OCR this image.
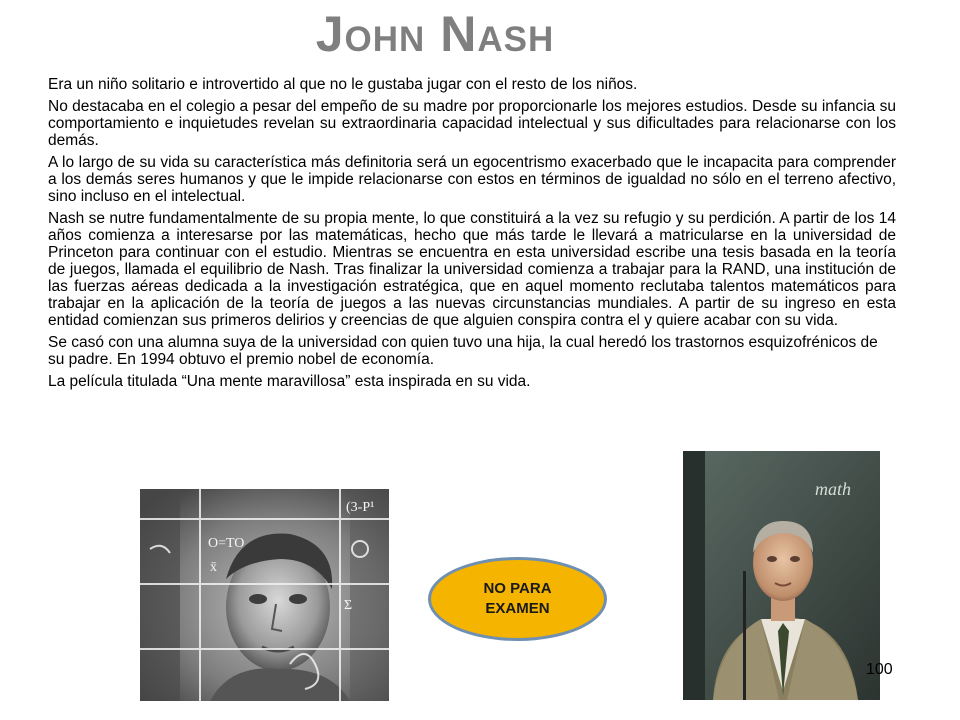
John Nash

Era un niño solitario e introvertido al que no le gustaba jugar con el resto de los niños.

No destacaba en el colegio a pesar del empeño de su madre por proporcionarle los mejores estudios. Desde su infancia su comportamiento e inquietudes revelan su extraordinaria capacidad intelectual y sus dificultades para relacionarse con los demás.

A lo largo de su vida su característica más definitoria será un egocentrismo exacerbado que le incapacita para comprender a los demás seres humanos y que le impide relacionarse con estos en términos de igualdad no sólo en el terreno afectivo, sino incluso en el intelectual.

Nash se nutre fundamentalmente de su propia mente, lo que constituirá a la vez su refugio y su perdición. A partir de los 14 años comienza a interesarse por las matemáticas, hecho que más tarde le llevará a matricularse en la universidad de Princeton para continuar con el estudio. Mientras se encuentra en esta universidad escribe una tesis basada en la teoría de juegos, llamada el equilibrio de Nash. Tras finalizar la universidad comienza a trabajar para la RAND, una institución de las fuerzas aéreas dedicada a la investigación estratégica, que en aquel momento reclutaba talentos matemáticos para trabajar en la aplicación de la teoría de juegos a las nuevas circunstancias mundiales. A partir de su ingreso en esta entidad comienzan sus primeros delirios y creencias de que alguien conspira contra el y quiere acabar con su vida.

Se casó con una alumna suya de la universidad con quien tuvo una hija, la cual heredó los trastornos esquizofrénicos de su padre. En 1994 obtuvo el premio nobel de economía.

La película titulada “Una mente maravillosa” esta inspirada en su vida.

(3-P¹
O=TO
x̄
Σ
math
NO PARA
EXAMEN
100
